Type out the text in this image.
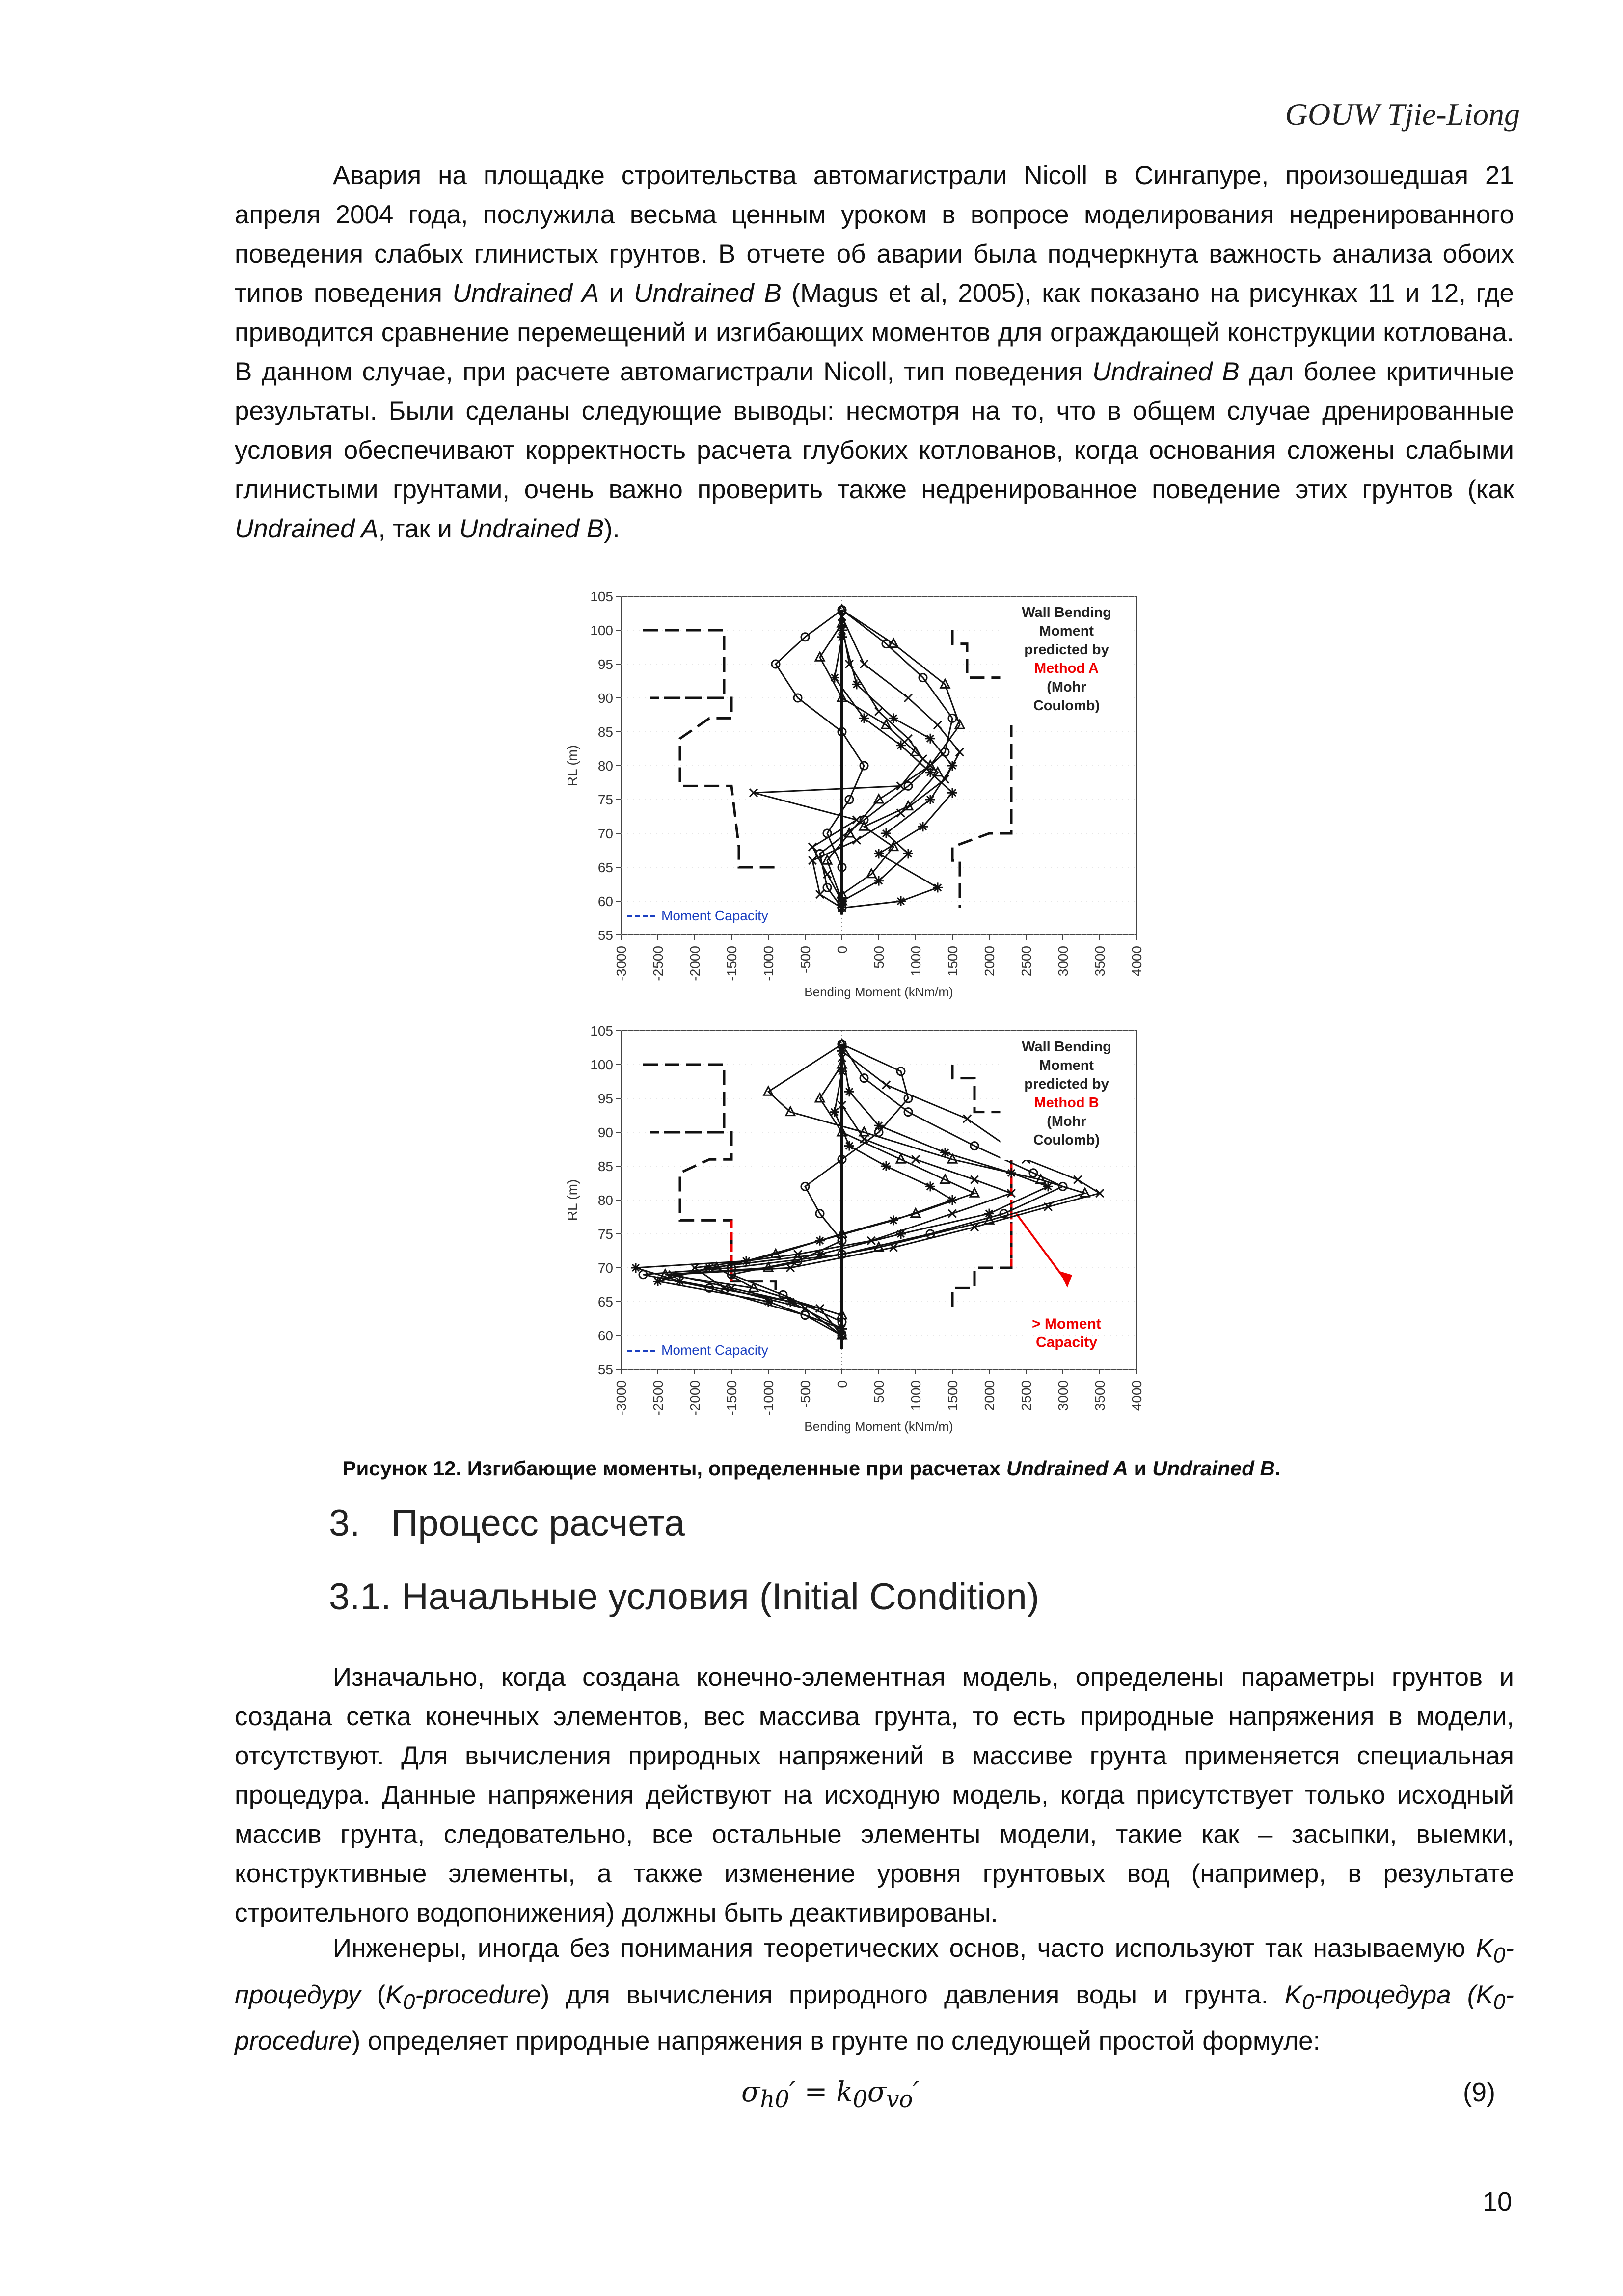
GOUW Tjie-Liong

Авария на площадке строительства автомагистрали Nicoll в Сингапуре, произошедшая 21 апреля 2004 года, послужила весьма ценным уроком в вопросе моделирования недренированного поведения слабых глинистых грунтов. В отчете об аварии была подчеркнута важность анализа обоих типов поведения Undrained A и Undrained B (Magus et al, 2005), как показано на рисунках 11 и 12, где приводится сравнение перемещений и изгибающих моментов для ограждающей конструкции котлована. В данном случае, при расчете автомагистрали Nicoll, тип поведения Undrained B дал более критичные результаты. Были сделаны следующие выводы: несмотря на то, что в общем случае дренированные условия обеспечивают корректность расчета глубоких котлованов, когда основания сложены слабыми глинистыми грунтами, очень важно проверить также недренированное поведение этих грунтов (как Undrained A, так и Undrained B).

55
60
65
70
75
80
85
90
95
100
105
-3000 -2500 -2000 -1500 -1000 -500 0 500 1000 1500 2000 2500 3000 3500 4000
Bending Moment (kNm/m)
RL (m)
Wall Bending
Moment
predicted by
Method A
(Mohr
Coulomb)
Moment Capacity
55
60
65
70
75
80
85
90
95
100
105
-3000 -2500 -2000 -1500 -1000 -500 0 500 1000 1500 2000 2500 3000 3500 4000
Bending Moment (kNm/m)
RL (m)
> Moment
Capacity
Wall Bending
Moment
predicted by
Method B
(Mohr
Coulomb)
Moment Capacity
Рисунок 12. Изгибающие моменты, определенные при расчетах Undrained A и Undrained B.
3.   Процесс расчета
3.1. Начальные условия (Initial Condition)

Изначально, когда создана конечно-элементная модель, определены параметры грунтов и создана сетка конечных элементов, вес массива грунта, то есть природные напряжения в модели, отсутствуют. Для вычисления природных напряжений в массиве грунта применяется специальная процедура. Данные напряжения действуют на исходную модель, когда присутствует только исходный массив грунта, следовательно, все остальные элементы модели, такие как – засыпки, выемки, конструктивные элементы, а также изменение уровня грунтовых вод (например, в результате строительного водопонижения) должны быть деактивированы.

Инженеры, иногда без понимания теоретических основ, часто используют так называемую $K_0$-процедуру $(K_0-procedure)$ для вычисления природного давления воды и грунта. $K_0$-процедура $(K_0-procedure)$ определяет природные напряжения в грунте по следующей простой формуле:

$\sigma_{h0}' = k_0\sigma_{vo}'$	(9)
10
